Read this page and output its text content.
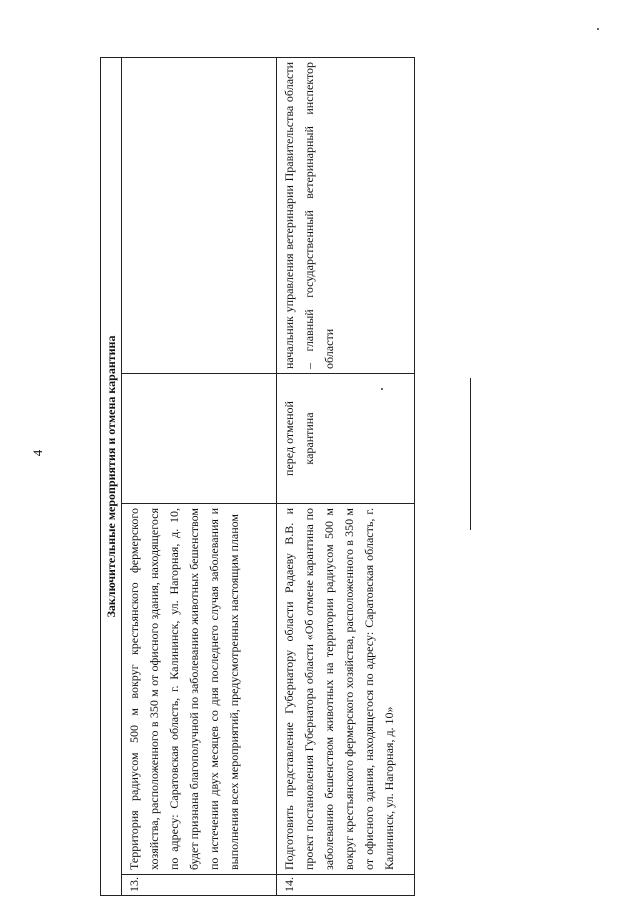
4	Заключительные мероприятия и отмена карантина			
13.	Территория радиусом 500 м вокруг крестьянского фермерского хозяйства, расположенного в 350 м от офисного здания, находящегося по адресу: Саратовская область, г. Калининск, ул. Нагорная, д. 10, будет признана благополучной по заболеванию животных бешенством по истечении двух месяцев со дня последнего случая заболевания и выполнения всех мероприятий, предусмотренных настоящим планом		
14.	Подготовить представление Губернатору области Радаеву В.В. и проект постановления Губернатора области «Об отмене карантина по заболеванию бешенством животных на территории радиусом 500 м вокруг крестьянского фермерского хозяйства, расположенного в 350 м от офисного здания, находящегося по адресу: Саратовская область, г. Калининск, ул. Нагорная, д. 10»	перед отменой карантина	начальник управления ветеринарии Правительства области – главный государственный ветеринарный инспектор области
